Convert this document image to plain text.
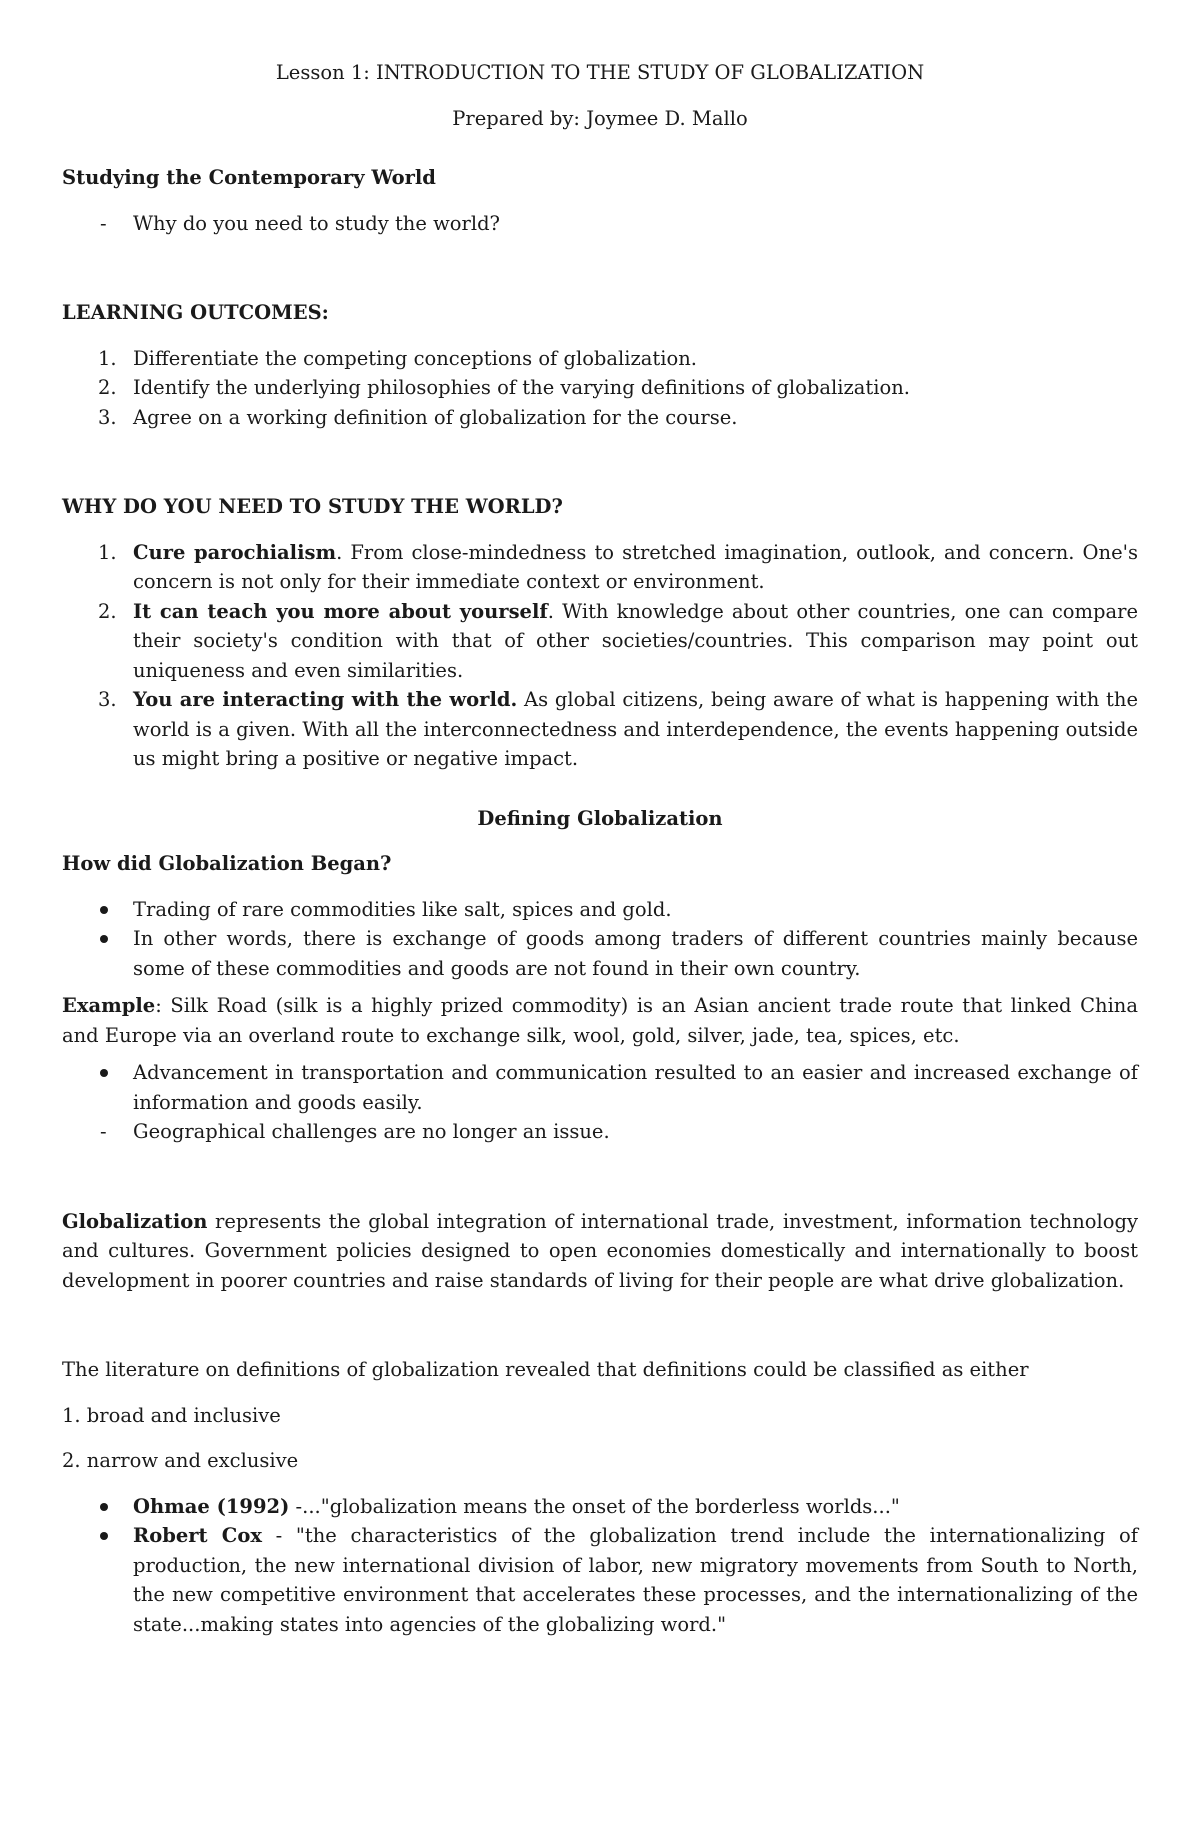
Lesson 1: INTRODUCTION TO THE STUDY OF GLOBALIZATION

Prepared by: Joymee D. Mallo

Studying the Contemporary World

- Why do you need to study the world?

LEARNING OUTCOMES:

1. Differentiate the competing conceptions of globalization.
2. Identify the underlying philosophies of the varying definitions of globalization.
3. Agree on a working definition of globalization for the course.

WHY DO YOU NEED TO STUDY THE WORLD?

1. Cure parochialism. From close-mindedness to stretched imagination, outlook, and concern. One's concern is not only for their immediate context or environment.
2. It can teach you more about yourself. With knowledge about other countries, one can compare their society's condition with that of other societies/countries. This comparison may point out uniqueness and even similarities.
3. You are interacting with the world. As global citizens, being aware of what is happening with the world is a given. With all the interconnectedness and interdependence, the events happening outside us might bring a positive or negative impact.

Defining Globalization

How did Globalization Began?

Trading of rare commodities like salt, spices and gold.
In other words, there is exchange of goods among traders of different countries mainly because some of these commodities and goods are not found in their own country.

Example: Silk Road (silk is a highly prized commodity) is an Asian ancient trade route that linked China and Europe via an overland route to exchange silk, wool, gold, silver, jade, tea, spices, etc.

Advancement in transportation and communication resulted to an easier and increased exchange of information and goods easily.
- Geographical challenges are no longer an issue.

Globalization represents the global integration of international trade, investment, information technology and cultures. Government policies designed to open economies domestically and internationally to boost development in poorer countries and raise standards of living for their people are what drive globalization.

The literature on definitions of globalization revealed that definitions could be classified as either

1. broad and inclusive

2. narrow and exclusive

Ohmae (1992) -..."globalization means the onset of the borderless worlds..."
Robert Cox - "the characteristics of the globalization trend include the internationalizing of production, the new international division of labor, new migratory movements from South to North, the new competitive environment that accelerates these processes, and the internationalizing of the state...making states into agencies of the globalizing word."
